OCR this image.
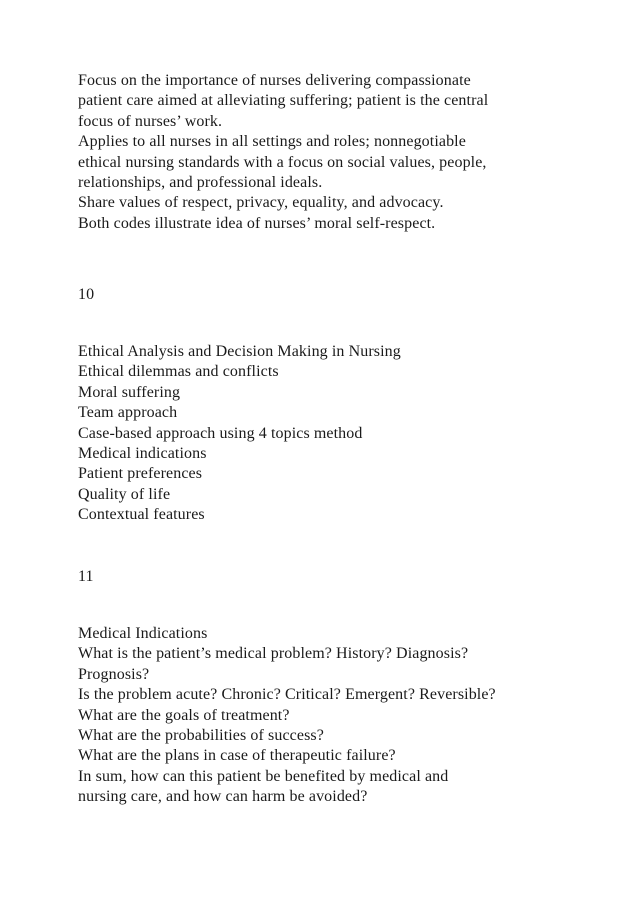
Focus on the importance of nurses delivering compassionate
patient care aimed at alleviating suffering; patient is the central
focus of nurses’ work.
Applies to all nurses in all settings and roles; nonnegotiable
ethical nursing standards with a focus on social values, people,
relationships, and professional ideals.
Share values of respect, privacy, equality, and advocacy.
Both codes illustrate idea of nurses’ moral self-respect.
10
Ethical Analysis and Decision Making in Nursing
Ethical dilemmas and conflicts
Moral suffering
Team approach
Case-based approach using 4 topics method
Medical indications
Patient preferences
Quality of life
Contextual features
11
Medical Indications
What is the patient’s medical problem? History? Diagnosis?
Prognosis?
Is the problem acute? Chronic? Critical? Emergent? Reversible?
What are the goals of treatment?
What are the probabilities of success?
What are the plans in case of therapeutic failure?
In sum, how can this patient be benefited by medical and
nursing care, and how can harm be avoided?
